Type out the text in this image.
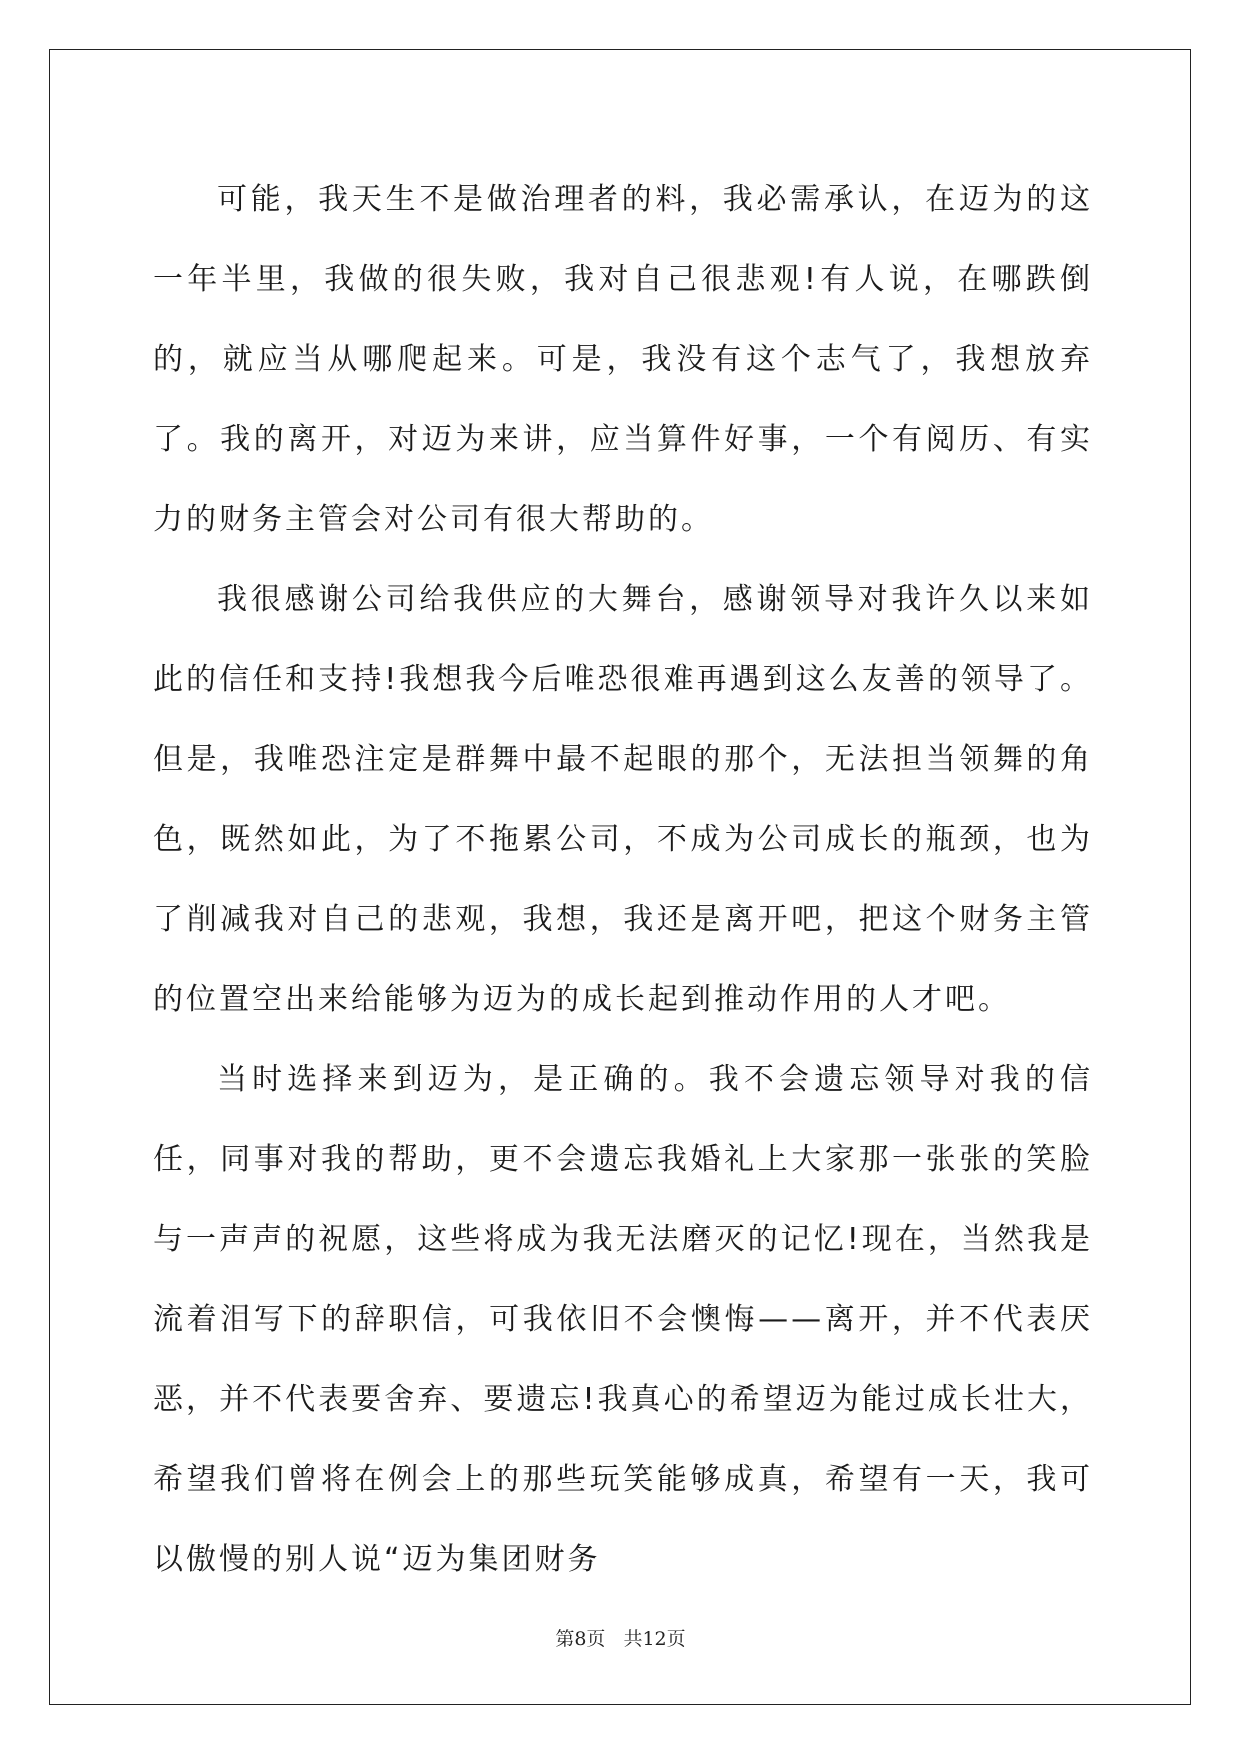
可能，我天生不是做治理者的料，我必需承认，在迈为的这一年半里，我做的很失败，我对自己很悲观!有人说，在哪跌倒的，就应当从哪爬起来。可是，我没有这个志气了，我想放弃了。我的离开，对迈为来讲，应当算件好事，一个有阅历、有实力的财务主管会对公司有很大帮助的。

我很感谢公司给我供应的大舞台，感谢领导对我许久以来如此的信任和支持!我想我今后唯恐很难再遇到这么友善的领导了。但是，我唯恐注定是群舞中最不起眼的那个，无法担当领舞的角色，既然如此，为了不拖累公司，不成为公司成长的瓶颈，也为了削减我对自己的悲观，我想，我还是离开吧，把这个财务主管的位置空出来给能够为迈为的成长起到推动作用的人才吧。

当时选择来到迈为，是正确的。我不会遗忘领导对我的信任，同事对我的帮助，更不会遗忘我婚礼上大家那一张张的笑脸与一声声的祝愿，这些将成为我无法磨灭的记忆!现在，当然我是流着泪写下的辞职信，可我依旧不会懊悔——离开，并不代表厌恶，并不代表要舍弃、要遗忘!我真心的希望迈为能过成长壮大，希望我们曾将在例会上的那些玩笑能够成真，希望有一天，我可以傲慢的别人说“迈为集团财务

第8页 共12页
